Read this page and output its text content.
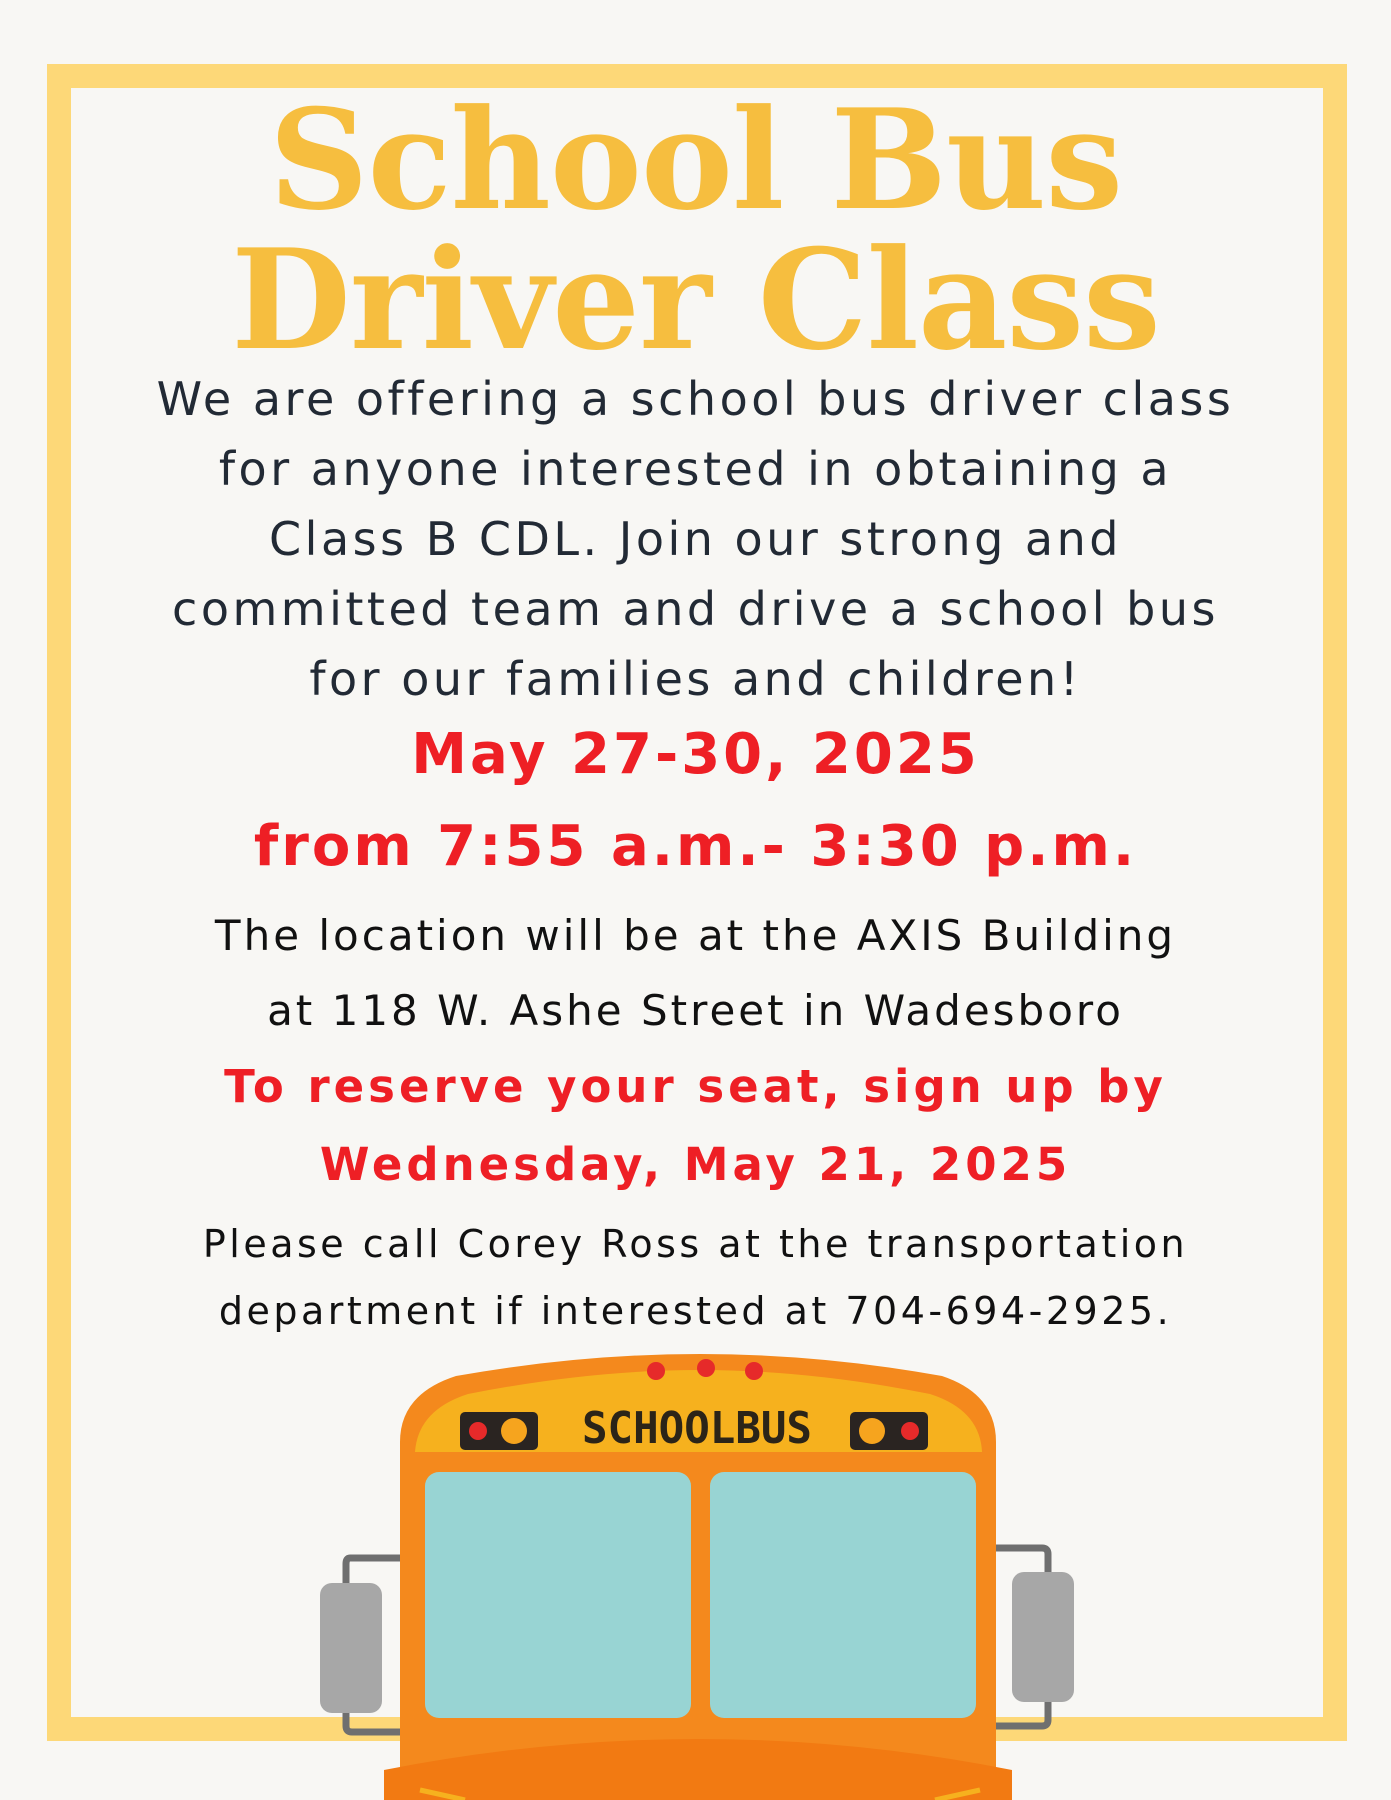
School Bus
Driver Class
We are offering a school bus driver class
for anyone interested in obtaining a
Class B CDL. Join our strong and
committed team and drive a school bus
for our families and children!
May 27-30, 2025
from 7:55 a.m.- 3:30 p.m.
The location will be at the AXIS Building
at 118 W. Ashe Street in Wadesboro
To reserve your seat, sign up by
Wednesday, May 21, 2025
Please call Corey Ross at the transportation
department if interested at 704-694-2925.
SCHOOLBUS
